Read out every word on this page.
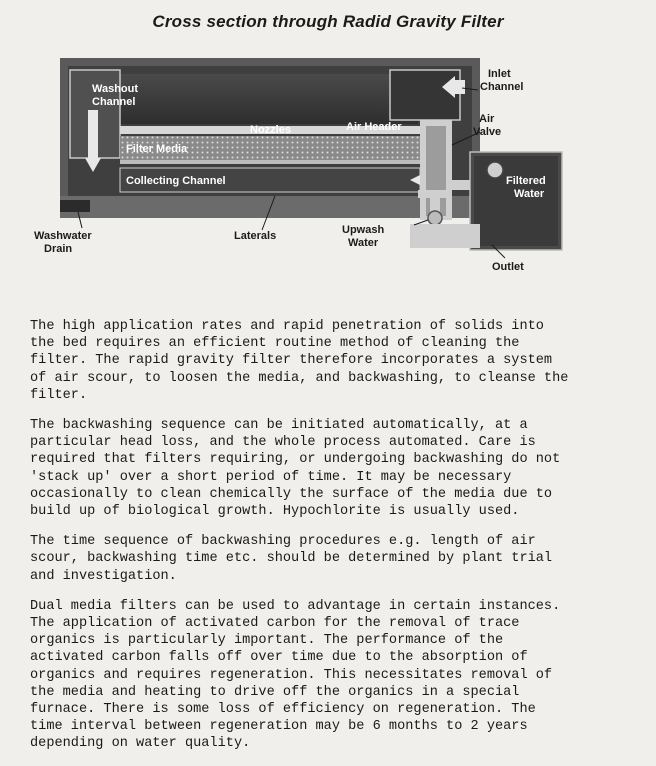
Cross section through Radid Gravity Filter
Washout Channel
Inlet Channel
Nozzles	Air Header
Air Valve
Filter Media
Collecting Channel	Filtered Water
Washwater Drain
Laterals	Upwash Water
Outlet

The high application rates and rapid penetration of solids into
the bed requires an efficient routine method of cleaning the
filter. The rapid gravity filter therefore incorporates a system
of air scour, to loosen the media, and backwashing, to cleanse the
filter.

The backwashing sequence can be initiated automatically, at a
particular head loss, and the whole process automated. Care is
required that filters requiring, or undergoing backwashing do not
'stack up' over a short period of time. It may be necessary
occasionally to clean chemically the surface of the media due to
build up of biological growth. Hypochlorite is usually used.

The time sequence of backwashing procedures e.g. length of air
scour, backwashing time etc. should be determined by plant trial
and investigation.

Dual media filters can be used to advantage in certain instances.
The application of activated carbon for the removal of trace
organics is particularly important. The performance of the
activated carbon falls off over time due to the absorption of
organics and requires regeneration. This necessitates removal of
the media and heating to drive off the organics in a special
furnace. There is some loss of efficiency on regeneration. The
time interval between regeneration may be 6 months to 2 years
depending on water quality.
